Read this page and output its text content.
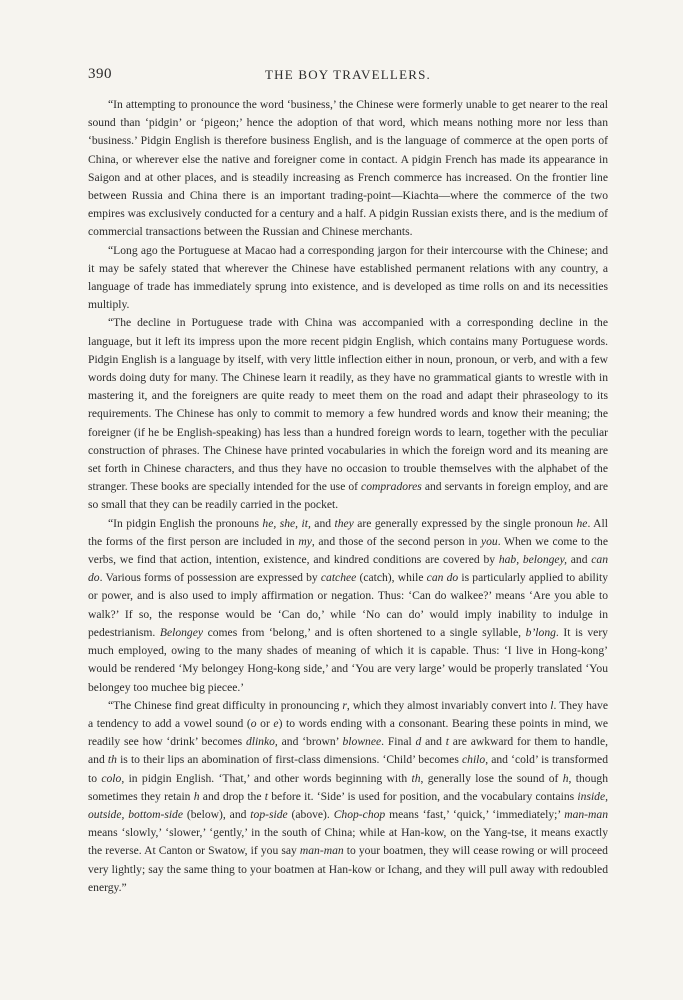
390	THE BOY TRAVELLERS.

“In attempting to pronounce the word ‘business,’ the Chinese were formerly unable to get nearer to the real sound than ‘pidgin’ or ‘pigeon;’ hence the adoption of that word, which means nothing more nor less than ‘business.’ Pidgin English is therefore business English, and is the language of commerce at the open ports of China, or wherever else the native and foreigner come in contact. A pidgin French has made its appearance in Saigon and at other places, and is steadily increasing as French commerce has increased. On the frontier line between Russia and China there is an important trading-point—Kiachta—where the commerce of the two empires was exclusively conducted for a century and a half. A pidgin Russian exists there, and is the medium of commercial transactions between the Russian and Chinese merchants.

“Long ago the Portuguese at Macao had a corresponding jargon for their intercourse with the Chinese; and it may be safely stated that wherever the Chinese have established permanent relations with any country, a language of trade has immediately sprung into existence, and is developed as time rolls on and its necessities multiply.

“The decline in Portuguese trade with China was accompanied with a corresponding decline in the language, but it left its impress upon the more recent pidgin English, which contains many Portuguese words. Pidgin English is a language by itself, with very little inflection either in noun, pronoun, or verb, and with a few words doing duty for many. The Chinese learn it readily, as they have no grammatical giants to wrestle with in mastering it, and the foreigners are quite ready to meet them on the road and adapt their phraseology to its requirements. The Chinese has only to commit to memory a few hundred words and know their meaning; the foreigner (if he be English-speaking) has less than a hundred foreign words to learn, together with the peculiar construction of phrases. The Chinese have printed vocabularies in which the foreign word and its meaning are set forth in Chinese characters, and thus they have no occasion to trouble themselves with the alphabet of the stranger. These books are specially intended for the use of compradores and servants in foreign employ, and are so small that they can be readily carried in the pocket.

“In pidgin English the pronouns he, she, it, and they are generally expressed by the single pronoun he. All the forms of the first person are included in my, and those of the second person in you. When we come to the verbs, we find that action, intention, existence, and kindred conditions are covered by hab, belongey, and can do. Various forms of possession are expressed by catchee (catch), while can do is particularly applied to ability or power, and is also used to imply affirmation or negation. Thus: ‘Can do walkee?’ means ‘Are you able to walk?’ If so, the response would be ‘Can do,’ while ‘No can do’ would imply inability to indulge in pedestrianism. Belongey comes from ‘belong,’ and is often shortened to a single syllable, b’long. It is very much employed, owing to the many shades of meaning of which it is capable. Thus: ‘I live in Hong-kong’ would be rendered ‘My belongey Hong-kong side,’ and ‘You are very large’ would be properly translated ‘You belongey too muchee big piecee.’

“The Chinese find great difficulty in pronouncing r, which they almost invariably convert into l. They have a tendency to add a vowel sound (o or e) to words ending with a consonant. Bearing these points in mind, we readily see how ‘drink’ becomes dlinko, and ‘brown’ blownee. Final d and t are awkward for them to handle, and th is to their lips an abomination of first-class dimensions. ‘Child’ becomes chilo, and ‘cold’ is transformed to colo, in pidgin English. ‘That,’ and other words beginning with th, generally lose the sound of h, though sometimes they retain h and drop the t before it. ‘Side’ is used for position, and the vocabulary contains inside, outside, bottom-side (below), and top-side (above). Chop-chop means ‘fast,’ ‘quick,’ ‘immediately;’ man-man means ‘slowly,’ ‘slower,’ ‘gently,’ in the south of China; while at Han-kow, on the Yang-tse, it means exactly the reverse. At Canton or Swatow, if you say man-man to your boatmen, they will cease rowing or will proceed very lightly; say the same thing to your boatmen at Han-kow or Ichang, and they will pull away with redoubled energy.”
